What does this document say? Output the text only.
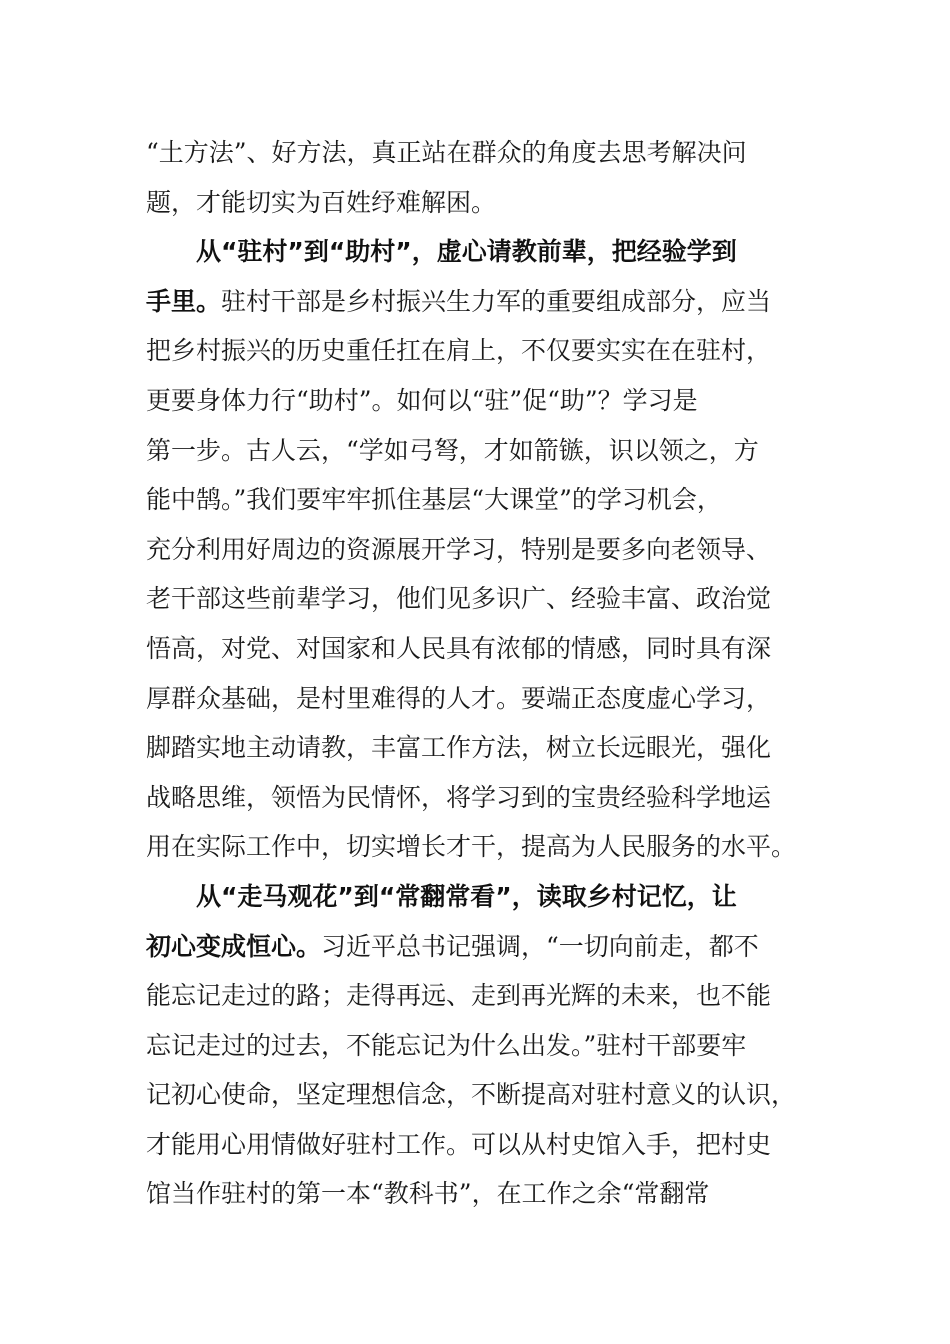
“土方法”、好方法，真正站在群众的角度去思考解决问
题，才能切实为百姓纾难解困。
从“驻村”到“助村”，虚心请教前辈，把经验学到
手里。驻村干部是乡村振兴生力军的重要组成部分，应当
把乡村振兴的历史重任扛在肩上，不仅要实实在在驻村，
更要身体力行“助村”。如何以“驻”促“助”？学习是
第一步。古人云，“学如弓弩，才如箭镞，识以领之，方
能中鹄。”我们要牢牢抓住基层“大课堂”的学习机会，
充分利用好周边的资源展开学习，特别是要多向老领导、
老干部这些前辈学习，他们见多识广、经验丰富、政治觉
悟高，对党、对国家和人民具有浓郁的情感，同时具有深
厚群众基础，是村里难得的人才。要端正态度虚心学习，
脚踏实地主动请教，丰富工作方法，树立长远眼光，强化
战略思维，领悟为民情怀，将学习到的宝贵经验科学地运
用在实际工作中，切实增长才干，提高为人民服务的水平。
从“走马观花”到“常翻常看”，读取乡村记忆，让
初心变成恒心。习近平总书记强调，“一切向前走，都不
能忘记走过的路；走得再远、走到再光辉的未来，也不能
忘记走过的过去，不能忘记为什么出发。”驻村干部要牢
记初心使命，坚定理想信念，不断提高对驻村意义的认识，
才能用心用情做好驻村工作。可以从村史馆入手，把村史
馆当作驻村的第一本“教科书”，在工作之余“常翻常
